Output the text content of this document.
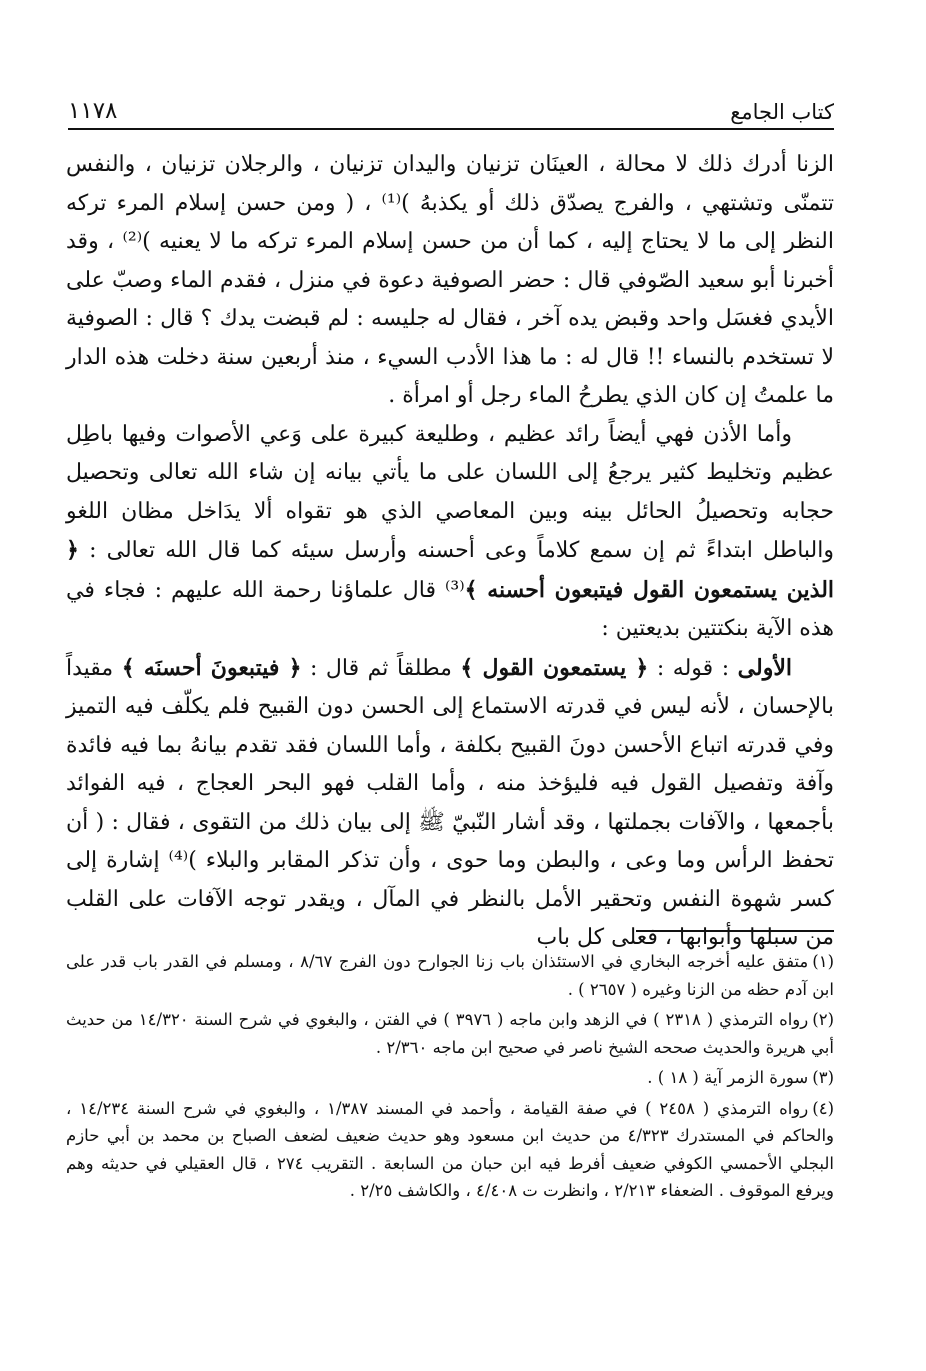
كتاب الجامع
١١٧٨

الزنا أدرك ذلك لا محالة ، العينَان تزنيان واليدان تزنيان ، والرجلان تزنيان ، والنفس تتمنّى وتشتهي ، والفرج يصدّق ذلك أو يكذبهُ )⁽¹⁾ ، ( ومن حسن إسلام المرء تركه النظر إلى ما لا يحتاج إليه ، كما أن من حسن إسلام المرء تركه ما لا يعنيه )⁽²⁾ ، وقد أخبرنا أبو سعيد الصّوفي قال : حضر الصوفية دعوة في منزل ، فقدم الماء وصبّ على الأيدي فغسَل واحد وقبض يده آخر ، فقال له جليسه : لم قبضت يدك ؟ قال : الصوفية لا تستخدم بالنساء !! قال له : ما هذا الأدب السيء ، منذ أربعين سنة دخلت هذه الدار ما علمتُ إن كان الذي يطرحُ الماء رجل أو امرأة .

وأما الأذن فهي أيضاً رائد عظيم ، وطليعة كبيرة على وَعي الأصوات وفيها باطِل عظيم وتخليط كثير يرجعُ إلى اللسان على ما يأتي بيانه إن شاء الله تعالى وتحصيل حجابه وتحصيلُ الحائل بينه وبين المعاصي الذي هو تقواه ألا يدَاخل مظان اللغو والباطل ابتداءً ثم إن سمع كلاماً وعى أحسنه وأرسل سيئه كما قال الله تعالى : ﴿ الذين يستمعون القول فيتبعون أحسنه ﴾⁽³⁾ قال علماؤنا رحمة الله عليهم : فجاء في هذه الآية بنكتتين بديعتين :

الأولى : قوله : ﴿ يستمعون القول ﴾ مطلقاً ثم قال : ﴿ فيتبعونَ أحسنَه ﴾ مقيداً بالإحسان ، لأنه ليس في قدرته الاستماع إلى الحسن دون القبيح فلم يكلّف فيه التميز وفي قدرته اتباع الأحسن دونَ القبيح بكلفة ، وأما اللسان فقد تقدم بيانهُ بما فيه فائدة وآفة وتفصيل القول فيه فليؤخذ منه ، وأما القلب فهو البحر العجاج ، فيه الفوائد بأجمعها ، والآفات بجملتها ، وقد أشار النّبيّ ﷺ إلى بيان ذلك من التقوى ، فقال : ( أن تحفظ الرأس وما وعى ، والبطن وما حوى ، وأن تذكر المقابر والبلاء )⁽⁴⁾ إشارة إلى كسر شهوة النفس وتحقير الأمل بالنظر في المآل ، ويقدر توجه الآفات على القلب من سبلها وأبوابها ، فعلى كل باب

(١)متفق عليه أخرجه البخاري في الاستئذان باب زنا الجوارح دون الفرج ٨/٦٧ ، ومسلم في القدر باب قدر على ابن آدم حظه من الزنا وغيره ( ٢٦٥٧ ) .

(٢)رواه الترمذي ( ٢٣١٨ ) في الزهد وابن ماجه ( ٣٩٧٦ ) في الفتن ، والبغوي في شرح السنة ١٤/٣٢٠ من حديث أبي هريرة والحديث صححه الشيخ ناصر في صحيح ابن ماجه ٢/٣٦٠ .

(٣)سورة الزمر آية ( ١٨ ) .

(٤)رواه الترمذي ( ٢٤٥٨ ) في صفة القيامة ، وأحمد في المسند ١/٣٨٧ ، والبغوي في شرح السنة ١٤/٢٣٤ ، والحاكم في المستدرك ٤/٣٢٣ من حديث ابن مسعود وهو حديث ضعيف لضعف الصباح بن محمد بن أبي حازم البجلي الأحمسي الكوفي ضعيف أفرط فيه ابن حبان من السابعة . التقريب ٢٧٤ ، قال العقيلي في حديثه وهم ويرفع الموقوف . الضعفاء ٢/٢١٣ ، وانظرت ت ٤/٤٠٨ ، والكاشف ٢/٢٥ .
